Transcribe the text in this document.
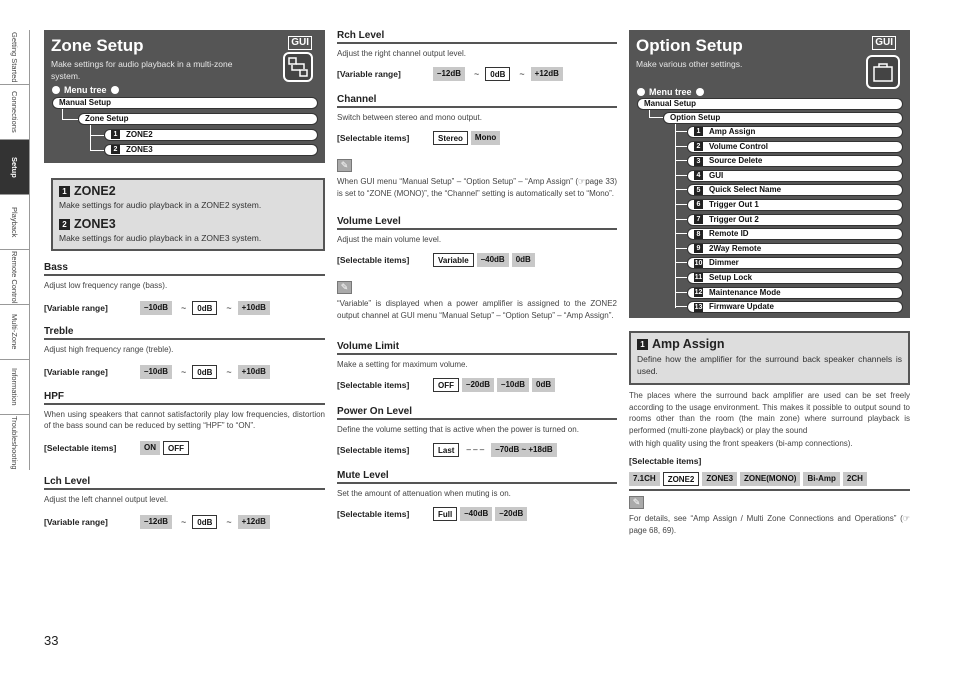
Getting Started
Connections
Setup
Playback
Remote Control
Multi-Zone
Information
Troubleshooting
Zone Setup
Make settings for audio playback in a multi-zone system.
GUI
Menu tree
Manual Setup
Zone Setup
1 ZONE2
2 ZONE3
1 ZONE2
Make settings for audio playback in a ZONE2 system.
2 ZONE3
Make settings for audio playback in a ZONE3 system.
Bass
Adjust low frequency range (bass).
[Variable range]	–10dB	~	0dB	~	+10dB
Treble
Adjust high frequency range (treble).
[Variable range]	–10dB	~	0dB	~	+10dB
HPF
When using speakers that cannot satisfactorily play low frequencies, distortion of the bass sound can be reduced by setting “HPF” to “ON”.
[Selectable items]	ON	OFF
Lch Level
Adjust the left channel output level.
[Variable range]	–12dB	~	0dB	~	+12dB
Rch Level
Adjust the right channel output level.
[Variable range]	–12dB	~	0dB	~	+12dB
Channel
Switch between stereo and mono output.
[Selectable items]	Stereo	Mono
✎
When GUI menu “Manual Setup” – “Option Setup” – “Amp Assign” (☞page 33) is set to “ZONE (MONO)”, the “Channel” setting is automatically set to “Mono”.
Volume Level
Adjust the main volume level.
[Selectable items]	Variable	–40dB	0dB
✎
“Variable” is displayed when a power amplifier is assigned to the ZONE2 output channel at GUI menu “Manual Setup” – “Option Setup” – “Amp Assign”.
Volume Limit
Make a setting for maximum volume.
[Selectable items]	OFF	–20dB	–10dB	0dB
Power On Level
Define the volume setting that is active when the power is turned on.
[Selectable items]	Last	– – –	–70dB ~ +18dB
Mute Level
Set the amount of attenuation when muting is on.
[Selectable items]	Full	–40dB	–20dB
Option Setup
Make various other settings.
GUI
Menu tree
Manual Setup
Option Setup
1 Amp Assign
2 Volume Control
3 Source Delete
4 GUI
5 Quick Select Name
6 Trigger Out 1
7 Trigger Out 2
8 Remote ID
9 2Way Remote
10 Dimmer
11 Setup Lock
12 Maintenance Mode
13 Firmware Update
1 Amp Assign
Define how the amplifier for the surround back speaker channels is used.
The places where the surround back amplifier are used can be set freely according to the usage environment. This makes it possible to output sound to rooms other than the room (the main zone) where surround playback is performed (multi-zone playback) or play the sound
with high quality using the front speakers (bi-amp connections).
[Selectable items]
7.1CH	ZONE2	ZONE3	ZONE(MONO)	Bi-Amp	2CH
✎
For details, see “Amp Assign / Multi Zone Connections and Operations” (☞page 68, 69).
33
